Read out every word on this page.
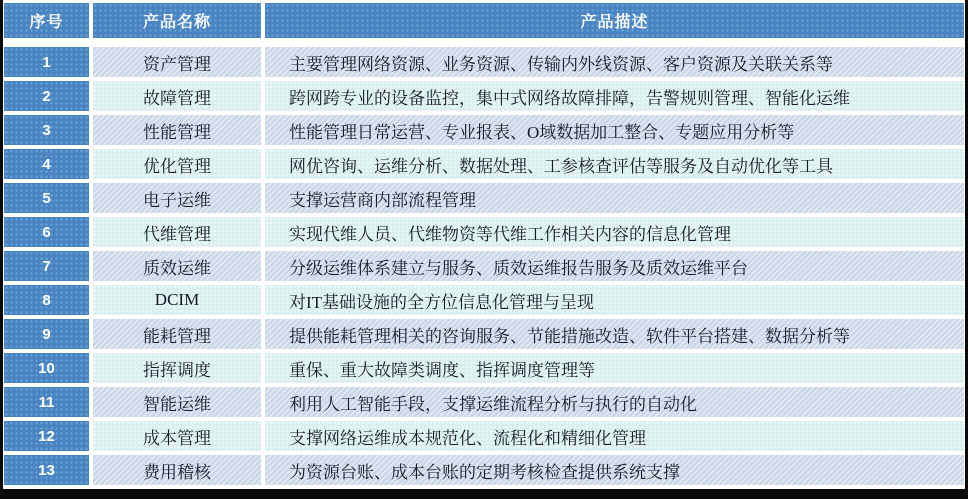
序号	产品名称	产品描述
1	资产管理	主要管理网络资源、业务资源、传输内外线资源、客户资源及关联关系等
2	故障管理	跨网跨专业的设备监控，集中式网络故障排障，告警规则管理、智能化运维
3	性能管理	性能管理日常运营、专业报表、O域数据加工整合、专题应用分析等
4	优化管理	网优咨询、运维分析、数据处理、工参核查评估等服务及自动优化等工具
5	电子运维	支撑运营商内部流程管理
6	代维管理	实现代维人员、代维物资等代维工作相关内容的信息化管理
7	质效运维	分级运维体系建立与服务、质效运维报告服务及质效运维平台
8	DCIM	对IT基础设施的全方位信息化管理与呈现
9	能耗管理	提供能耗管理相关的咨询服务、节能措施改造、软件平台搭建、数据分析等
10	指挥调度	重保、重大故障类调度、指挥调度管理等
11	智能运维	利用人工智能手段，支撑运维流程分析与执行的自动化
12	成本管理	支撑网络运维成本规范化、流程化和精细化管理
13	费用稽核	为资源台账、成本台账的定期考核检查提供系统支撑
